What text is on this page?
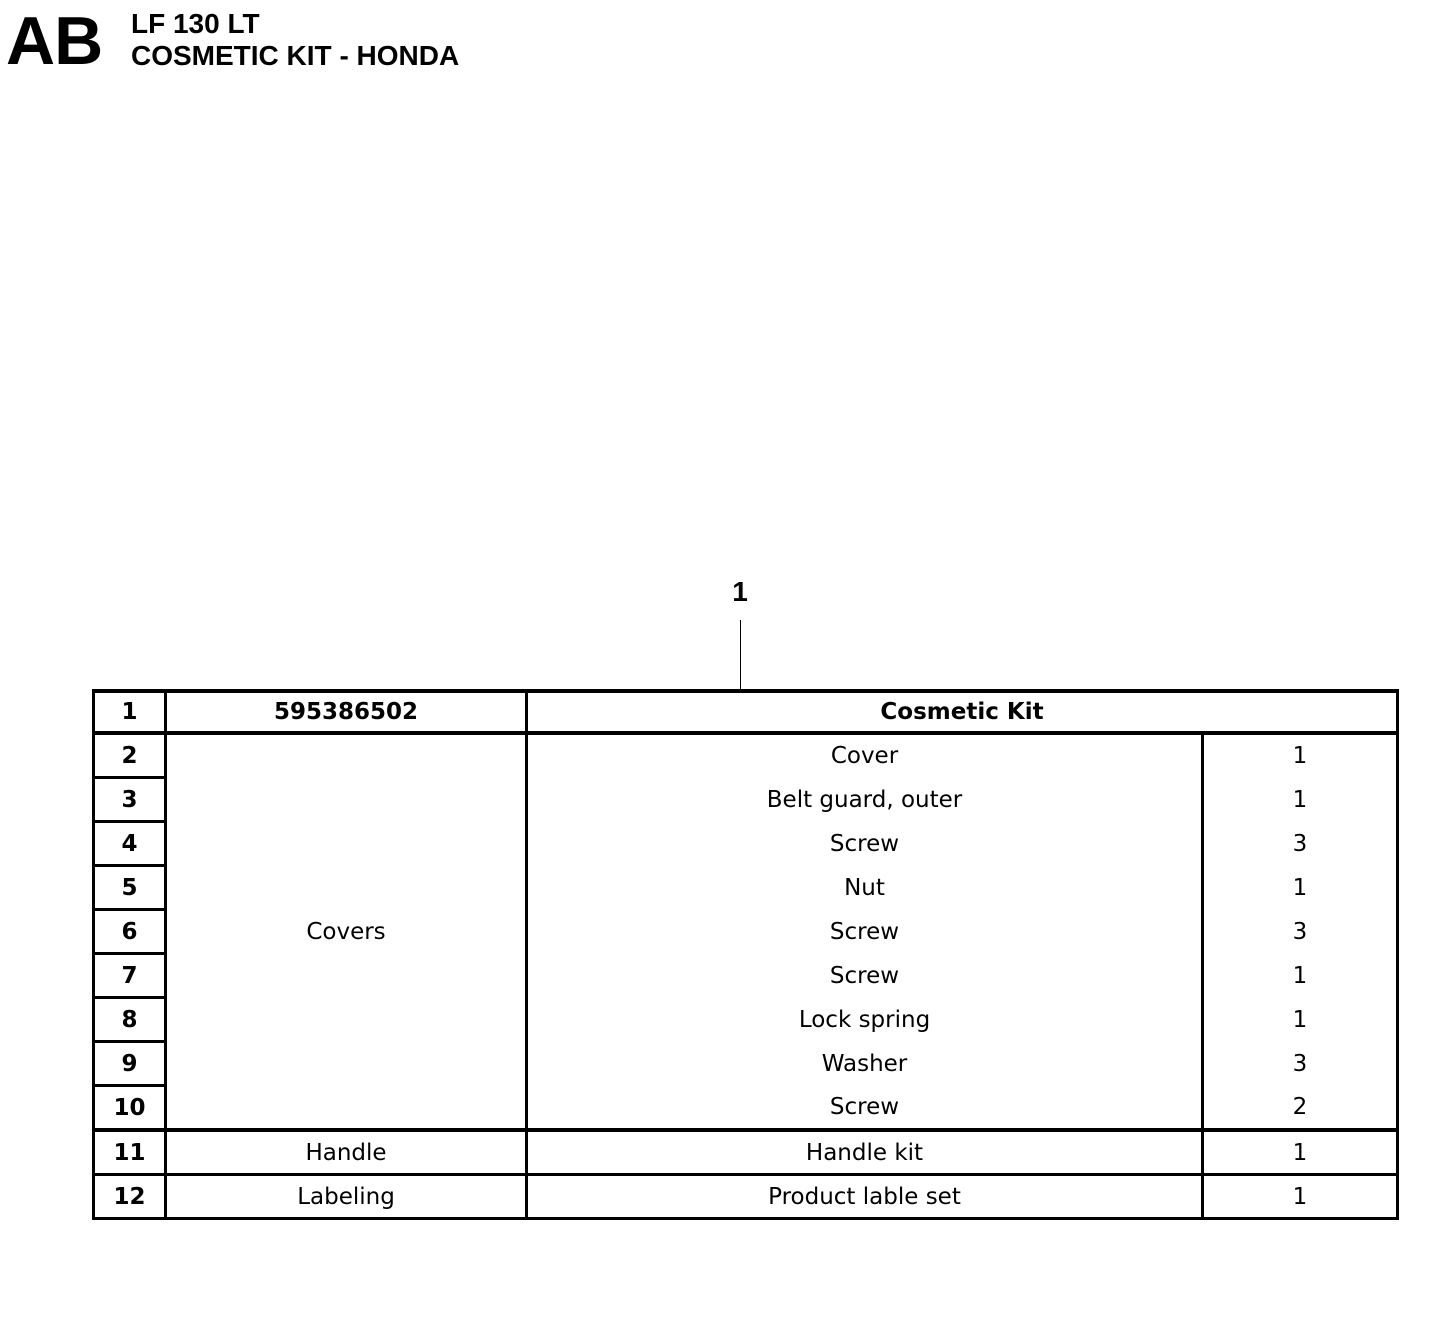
AB LF 130 LT
COSMETIC KIT - HONDA
1
1	595386502	Cosmetic Kit	
2	Covers	Cover	1
3		Belt guard, outer	1
4		Screw	3
5		Nut	1
6		Screw	3
7		Screw	1
8		Lock spring	1
9		Washer	3
10		Screw	2
11	Handle	Handle kit	1
12	Labeling	Product lable set	1
